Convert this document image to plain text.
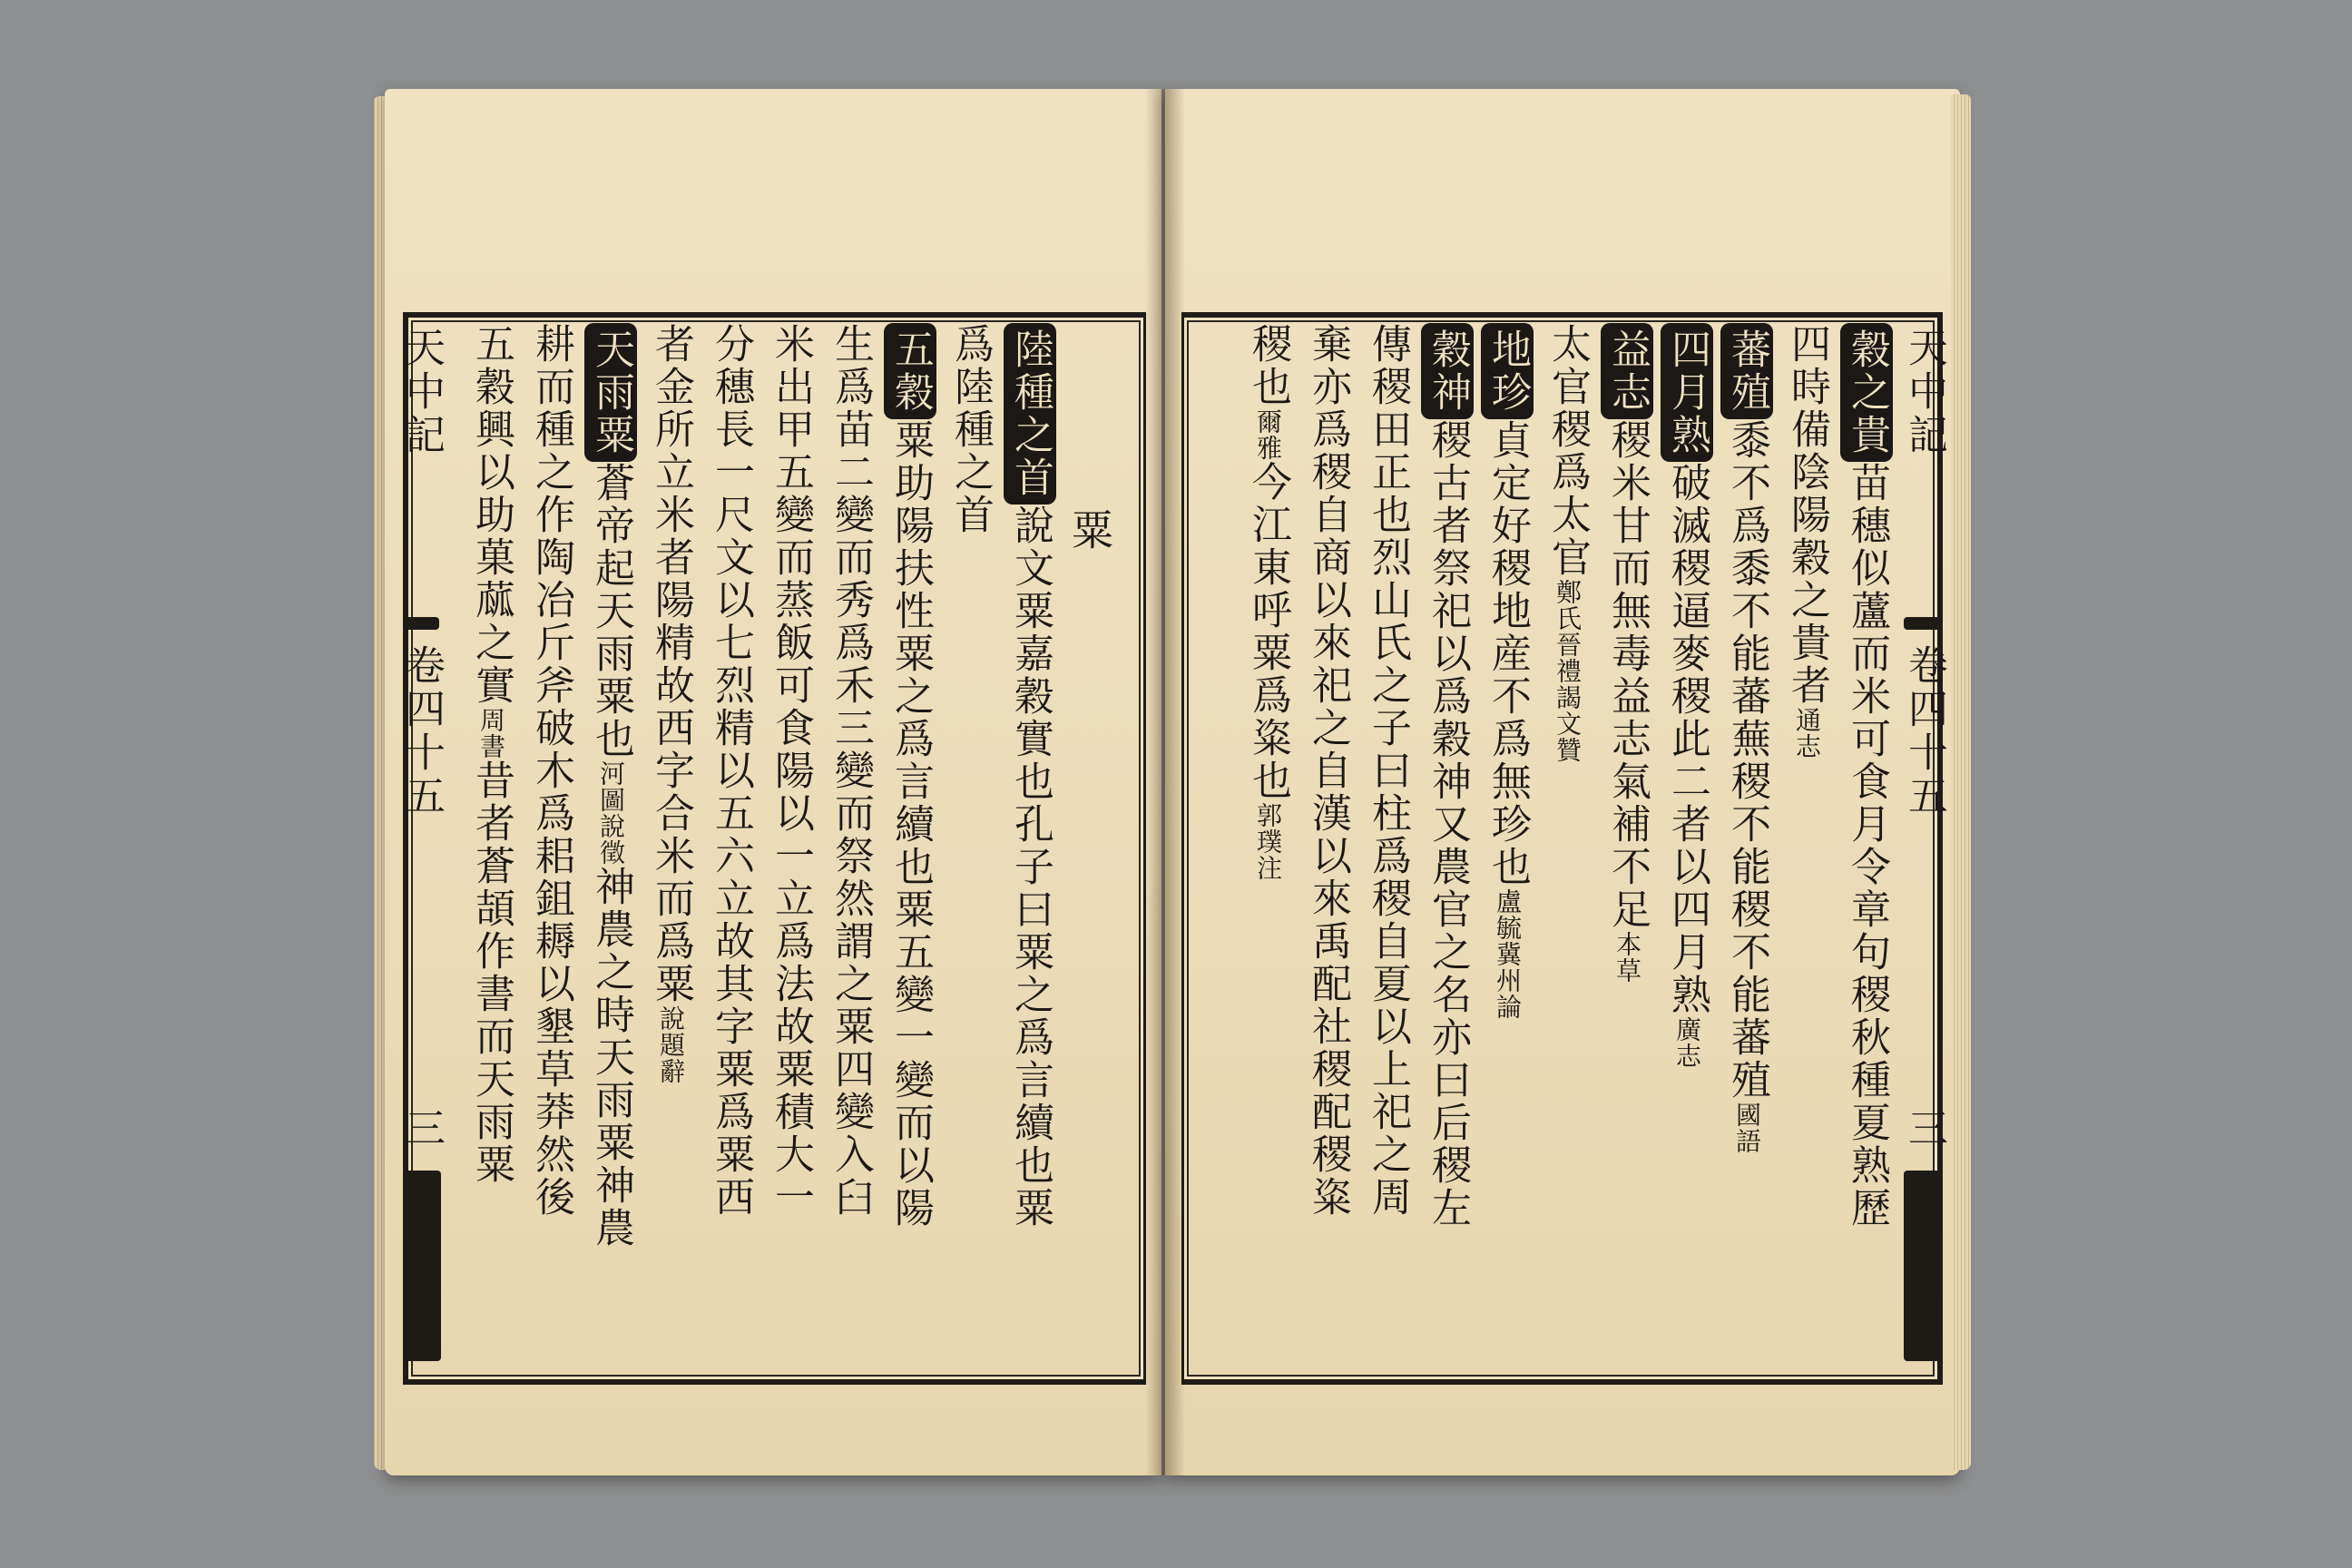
天中記
卷四十五
三
天中記
卷四十五
三
粟
陸種之首說文粟嘉穀實也孔子曰粟之爲言續也粟
爲陸種之首
五穀粟助陽扶性粟之爲言續也粟五變一變而以陽
生爲苗二變而秀爲禾三變而祭然謂之粟四變入臼
米出甲五變而蒸飯可食陽以一立爲法故粟積大一
分穗長一尺文以七烈精以五六立故其字粟爲粟西
者金所立米者陽精故西字合米而爲粟說題辭
天雨粟蒼帝起天雨粟也河圖說徵神農之時天雨粟神農
耕而種之作陶冶斤斧破木爲耜鉏耨以墾草莽然後
五穀興以助菓蓏之實周書昔者蒼頡作書而天雨粟
穀之貴苗穗似蘆而米可食月令章句稷秋種夏熟歷
四時備陰陽穀之貴者通志
蕃殖黍不爲黍不能蕃蕪稷不能稷不能蕃殖國語
四月熟破滅稷逼麥稷此二者以四月熟廣志
益志稷米甘而無毒益志氣補不足本草
太官稷爲太官鄭氏晉禮謁文贊
地珍貞定好稷地産不爲無珍也盧毓冀州論
穀神稷古者祭祀以爲穀神又農官之名亦曰后稷左
傳稷田正也烈山氏之子曰柱爲稷自夏以上祀之周
棄亦爲稷自商以來祀之自漢以來禹配社稷配稷粢
稷也爾雅今江東呼粟爲粢也郭璞注
